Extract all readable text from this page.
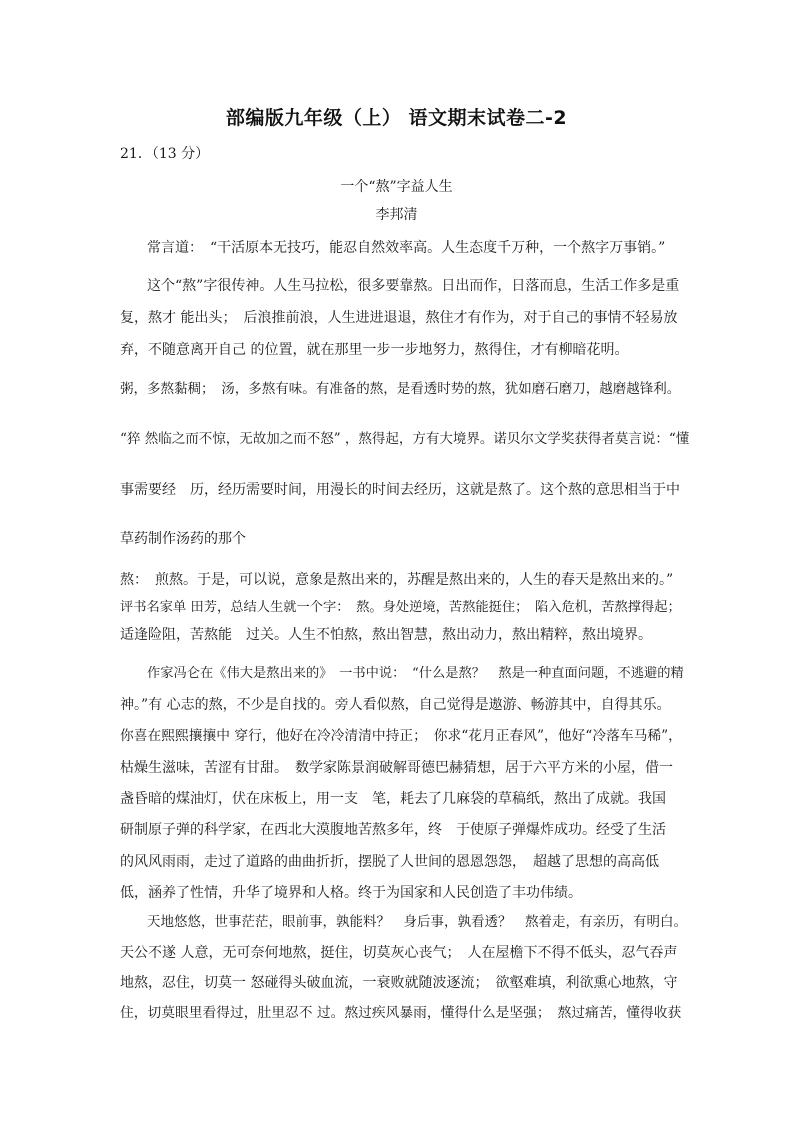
部编版九年级（上） 语文期末试卷二-2
21．（13 分）
一个“熬”字益人生
李邦清
常言道：　“干活原本无技巧，能忍自然效率高。人生态度千万种，一个熬字万事销。”
这个“熬”字很传神。人生马拉松，很多要靠熬。日出而作，日落而息，生活工作多是重
复，熬才 能出头；　后浪推前浪，人生进进退退，熬住才有作为，对于自己的事情不轻易放
弃，不随意离开自己 的位置，就在那里一步一步地努力，熬得住，才有柳暗花明。
粥，多熬黏稠；　汤，多熬有味。有准备的熬，是看透时势的熬，犹如磨石磨刀，越磨越锋利。
“猝 然临之而不惊，无故加之而不怒” ，熬得起，方有大境界。诺贝尔文学奖获得者莫言说：“懂
事需要经　历，经历需要时间，用漫长的时间去经历，这就是熬了。这个熬的意思相当于中
草药制作汤药的那个
熬：　煎熬。于是，可以说，意象是熬出来的，苏醒是熬出来的，人生的春天是熬出来的。”
评书名家单 田芳，总结人生就一个字：　熬。身处逆境，苦熬能挺住；　陷入危机，苦熬撑得起；
适逢险阻，苦熬能　过关。人生不怕熬，熬出智慧，熬出动力，熬出精粹，熬出境界。
作家冯仑在《伟大是熬出来的》　一书中说：　“什么是熬？　熬是一种直面问题，不逃避的精
神。”有 心志的熬，不少是自找的。旁人看似熬，自己觉得是遨游、畅游其中，自得其乐。
你喜在熙熙攘攘中 穿行，他好在冷冷清清中持正；　你求“花月正春风”，他好“冷落车马稀”，
枯燥生滋味，苦涩有甘甜。　数学家陈景润破解哥德巴赫猜想，居于六平方米的小屋，借一
盏昏暗的煤油灯，伏在床板上，用一支　笔，耗去了几麻袋的草稿纸，熬出了成就。我国
研制原子弹的科学家，在西北大漠腹地苦熬多年，终　于使原子弹爆炸成功。经受了生活
的风风雨雨，走过了道路的曲曲折折，摆脱了人世间的恩恩怨怨，　超越了思想的高高低
低，涵养了性情，升华了境界和人格。终于为国家和人民创造了丰功伟绩。
天地悠悠，世事茫茫，眼前事，孰能料？　身后事，孰看透？　熬着走，有亲历，有明白。
天公不遂 人意，无可奈何地熬，挺住，切莫灰心丧气；　人在屋檐下不得不低头，忍气吞声
地熬，忍住，切莫一 怒碰得头破血流，一衰败就随波逐流；　欲壑难填，利欲熏心地熬，守
住，切莫眼里看得过，肚里忍不 过。熬过疾风暴雨，懂得什么是坚强；　熬过痛苦，懂得收获
